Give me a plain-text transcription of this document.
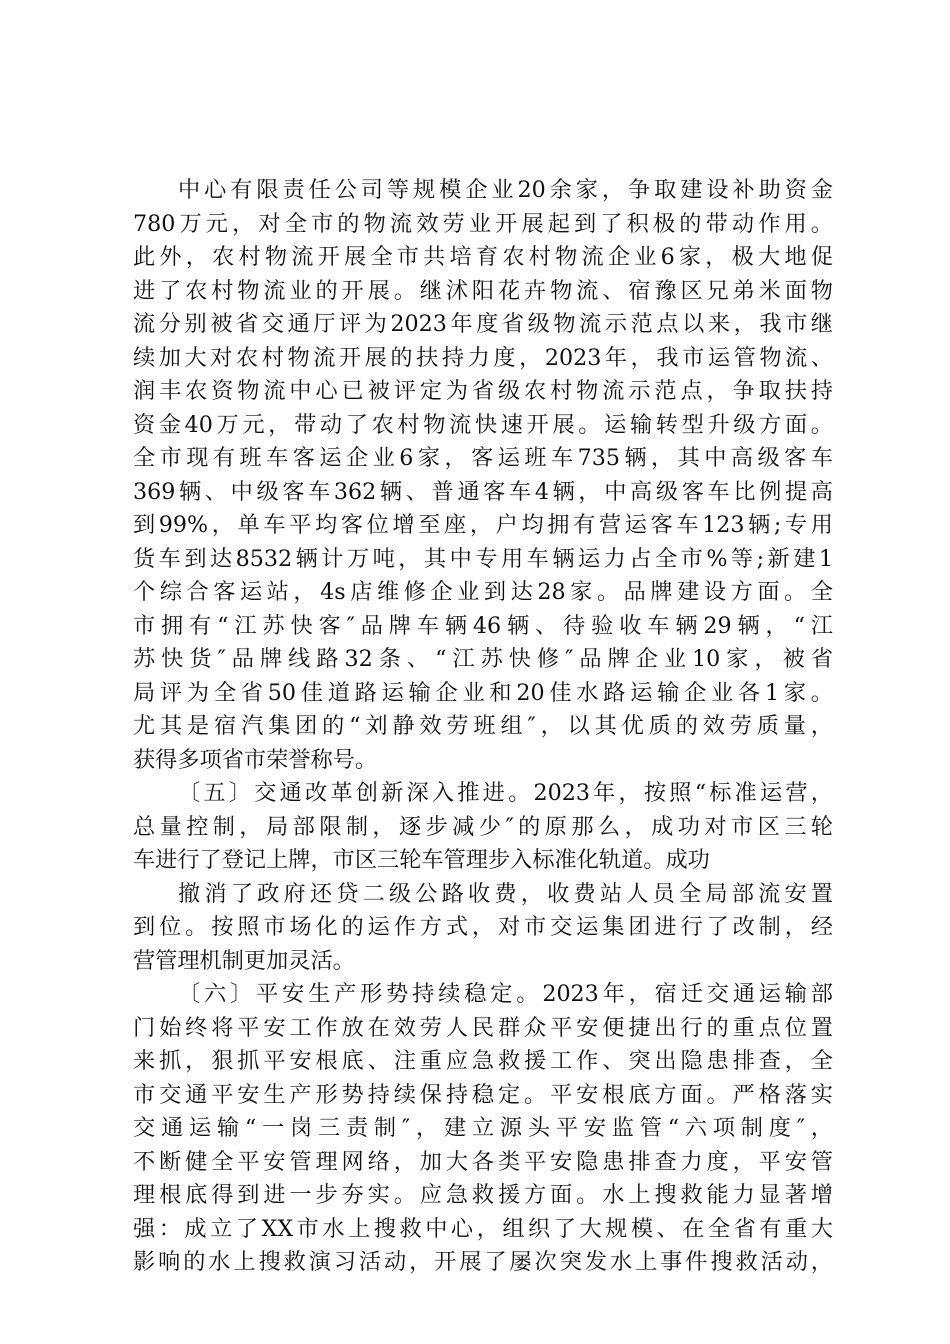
中心有限责任公司等规模企业20余家，争取建设补助资金
780万元，对全市的物流效劳业开展起到了积极的带动作用。
此外，农村物流开展全市共培育农村物流企业6家，极大地促
进了农村物流业的开展。继沭阳花卉物流、宿豫区兄弟米面物
流分别被省交通厅评为2023年度省级物流示范点以来，我市继
续加大对农村物流开展的扶持力度，2023年，我市运管物流、
润丰农资物流中心已被评定为省级农村物流示范点，争取扶持
资金40万元，带动了农村物流快速开展。运输转型升级方面。
全市现有班车客运企业6家，客运班车735辆，其中高级客车
369辆、中级客车362辆、普通客车4辆，中高级客车比例提高
到99%，单车平均客位增至座，户均拥有营运客车123辆;专用
货车到达8532辆计万吨，其中专用车辆运力占全市%等;新建1
个综合客运站，4s店维修企业到达28家。品牌建设方面。全
市拥有“江苏快客″品牌车辆46辆、待验收车辆29辆，“江
苏快货″品牌线路32条、“江苏快修″品牌企业10家，被省
局评为全省50佳道路运输企业和20佳水路运输企业各1家。
尤其是宿汽集团的“刘静效劳班组″，以其优质的效劳质量，
获得多项省市荣誉称号。
〔五〕交通改革创新深入推进。2023年，按照“标准运营，
总量控制，局部限制，逐步减少″的原那么，成功对市区三轮
车进行了登记上牌，市区三轮车管理步入标准化轨道。成功
撤消了政府还贷二级公路收费，收费站人员全局部流安置
到位。按照市场化的运作方式，对市交运集团进行了改制，经
营管理机制更加灵活。
〔六〕平安生产形势持续稳定。2023年，宿迁交通运输部
门始终将平安工作放在效劳人民群众平安便捷出行的重点位置
来抓，狠抓平安根底、注重应急救援工作、突出隐患排查，全
市交通平安生产形势持续保持稳定。平安根底方面。严格落实
交通运输“一岗三责制″，建立源头平安监管“六项制度″，
不断健全平安管理网络，加大各类平安隐患排查力度，平安管
理根底得到进一步夯实。应急救援方面。水上搜救能力显著增
强：成立了XX市水上搜救中心，组织了大规模、在全省有重大
影响的水上搜救演习活动，开展了屡次突发水上事件搜救活动，
